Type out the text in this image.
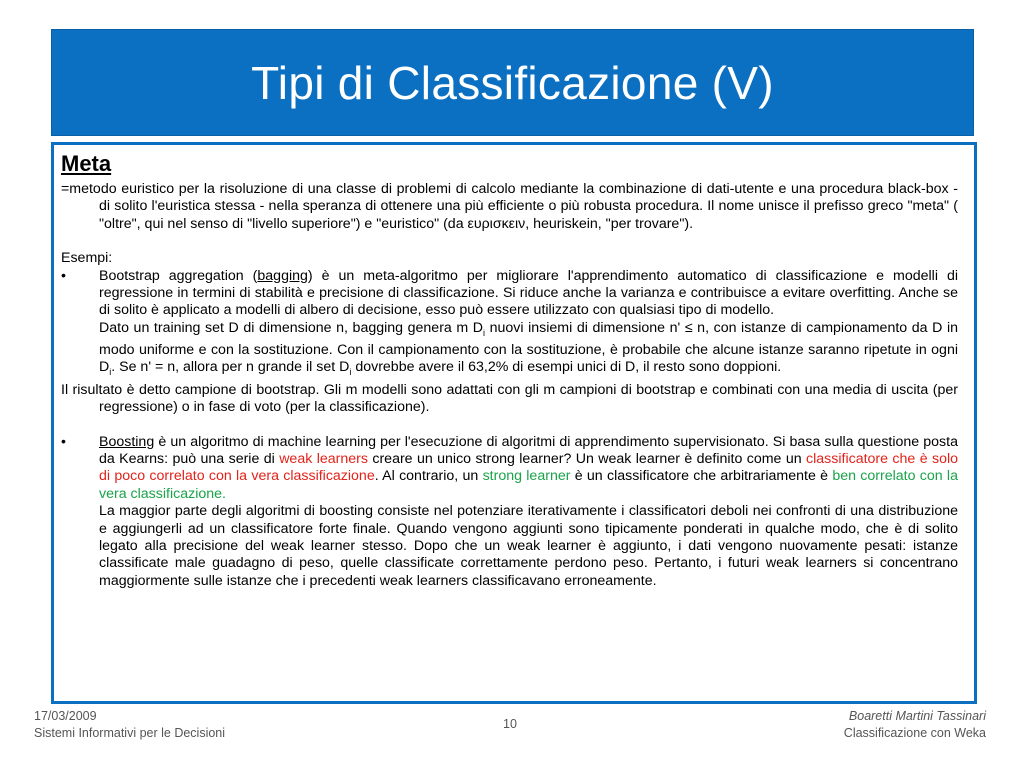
Tipi di Classificazione (V)
Meta

=metodo euristico per la risoluzione di una classe di problemi di calcolo mediante la combinazione di dati-utente e una procedura black-box - di solito l'euristica stessa - nella speranza di ottenere una più efficiente o più robusta procedura. Il nome unisce il prefisso greco "meta" ( "oltre", qui nel senso di "livello superiore") e "euristico" (da ευρισκειν, heuriskein, "per trovare").

Esempi:

•	Bootstrap aggregation (bagging) è un meta-algoritmo per migliorare l'apprendimento automatico di classificazione e modelli di regressione in termini di stabilità e precisione di classificazione. Si riduce anche la varianza e contribuisce a evitare overfitting. Anche se di solito è applicato a modelli di albero di decisione, esso può essere utilizzato con qualsiasi tipo di modello.

Dato un training set D di dimensione n, bagging genera m $D_i$ nuovi insiemi di dimensione n' ≤ n, con istanze di campionamento da D in modo uniforme e con la sostituzione. Con il campionamento con la sostituzione, è probabile che alcune istanze saranno ripetute in ogni $D_i$. Se n' = n, allora per n grande il set $D_i$ dovrebbe avere il 63,2% di esempi unici di D, il resto sono doppioni.

Il risultato è detto campione di bootstrap. Gli m modelli sono adattati con gli m campioni di bootstrap e combinati con una media di uscita (per regressione) o in fase di voto (per la classificazione).

•	Boosting è un algoritmo di machine learning per l'esecuzione di algoritmi di apprendimento supervisionato. Si basa sulla questione posta da Kearns: può una serie di weak learners creare un unico strong learner? Un weak learner è definito come un classificatore che è solo di poco correlato con la vera classificazione. Al contrario, un strong learner è un classificatore che arbitrariamente è ben correlato con la vera classificazione.

La maggior parte degli algoritmi di boosting consiste nel potenziare iterativamente i classificatori deboli nei confronti di una distribuzione e aggiungerli ad un classificatore forte finale. Quando vengono aggiunti sono tipicamente ponderati in qualche modo, che è di solito legato alla precisione del weak learner stesso. Dopo che un weak learner è aggiunto, i dati vengono nuovamente pesati: istanze classificate male guadagno di peso, quelle classificate correttamente perdono peso. Pertanto, i futuri weak learners si concentrano maggiormente sulle istanze che i precedenti weak learners classificavano erroneamente.

17/03/2009
Sistemi Informativi per le Decisioni
10
Boaretti Martini Tassinari
Classificazione con Weka
